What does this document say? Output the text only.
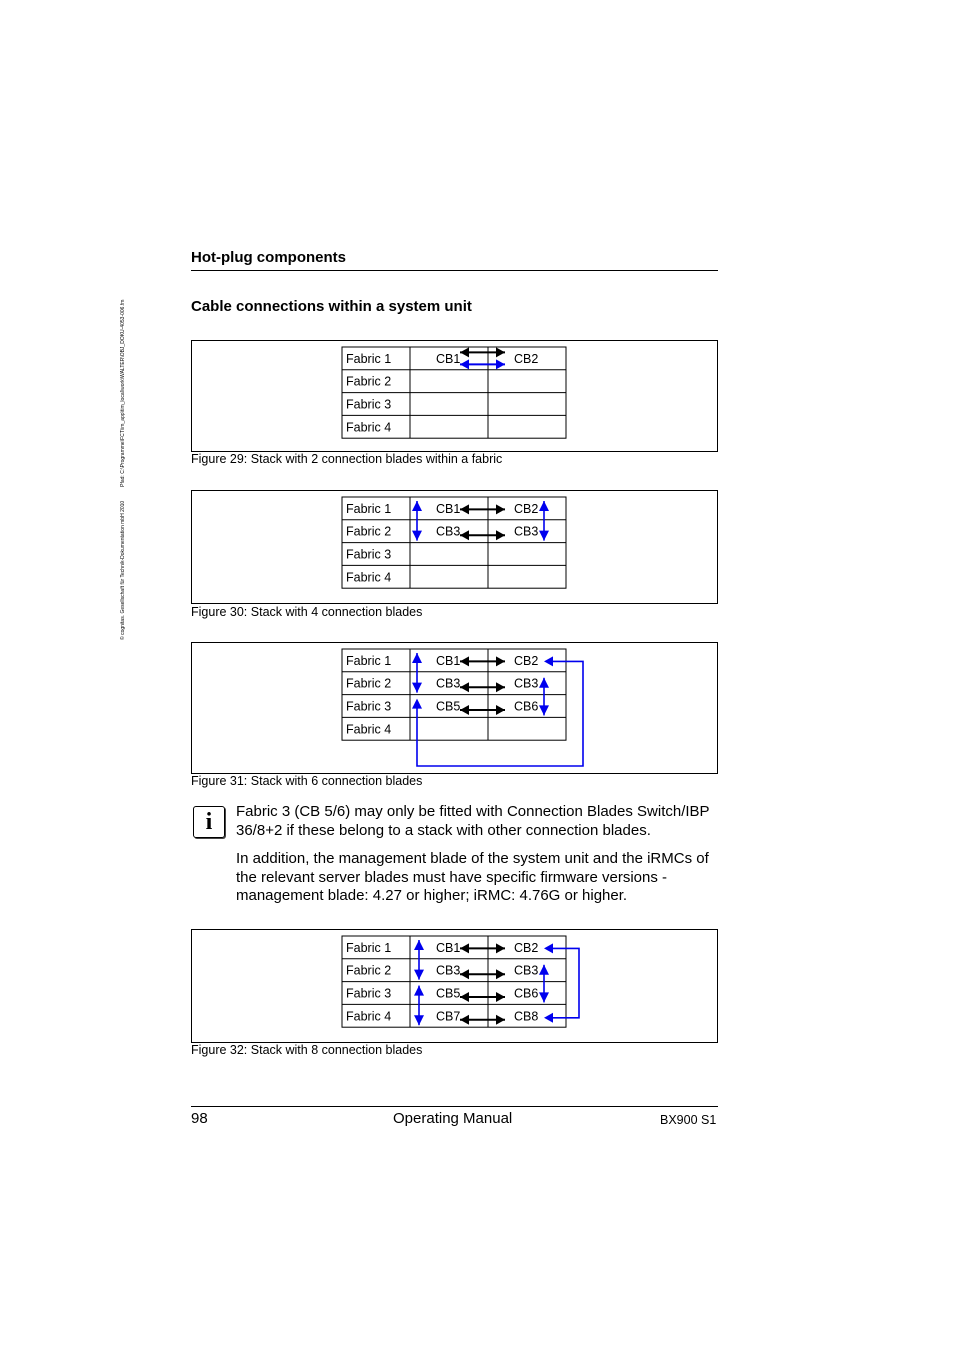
© cognitas. Gesellschaft für Technik-Dokumentation mbH 2010          Pfad: C:\Programme\FCT\im_app\tim_local\work\WALTER\OBJ_DOKU-4053-006.fm
Hot-plug components
Cable connections within a system unit
Fabric 1	CB1	CB2
Fabric 2
Fabric 3
Fabric 4
Figure 29: Stack with 2 connection blades within a fabric
Fabric 1	CB1	CB2
Fabric 2	CB3	CB3
Fabric 3
Fabric 4
Figure 30: Stack with 4 connection blades
Fabric 1	CB1	CB2
Fabric 2	CB3	CB3
Fabric 3	CB5	CB6
Fabric 4
Figure 31: Stack with 6 connection blades
i	Fabric 3 (CB 5/6) may only be fitted with Connection Blades Switch/IBP 36/8+2 if these belong to a stack with other connection blades.
In addition, the management blade of the system unit and the iRMCs of the relevant server blades must have specific firmware versions - management blade: 4.27 or higher; iRMC: 4.76G or higher.
Fabric 1	CB1	CB2
Fabric 2	CB3	CB3
Fabric 3	CB5	CB6
Fabric 4	CB7	CB8
Figure 32: Stack with 8 connection blades
98	Operating Manual	BX900 S1
